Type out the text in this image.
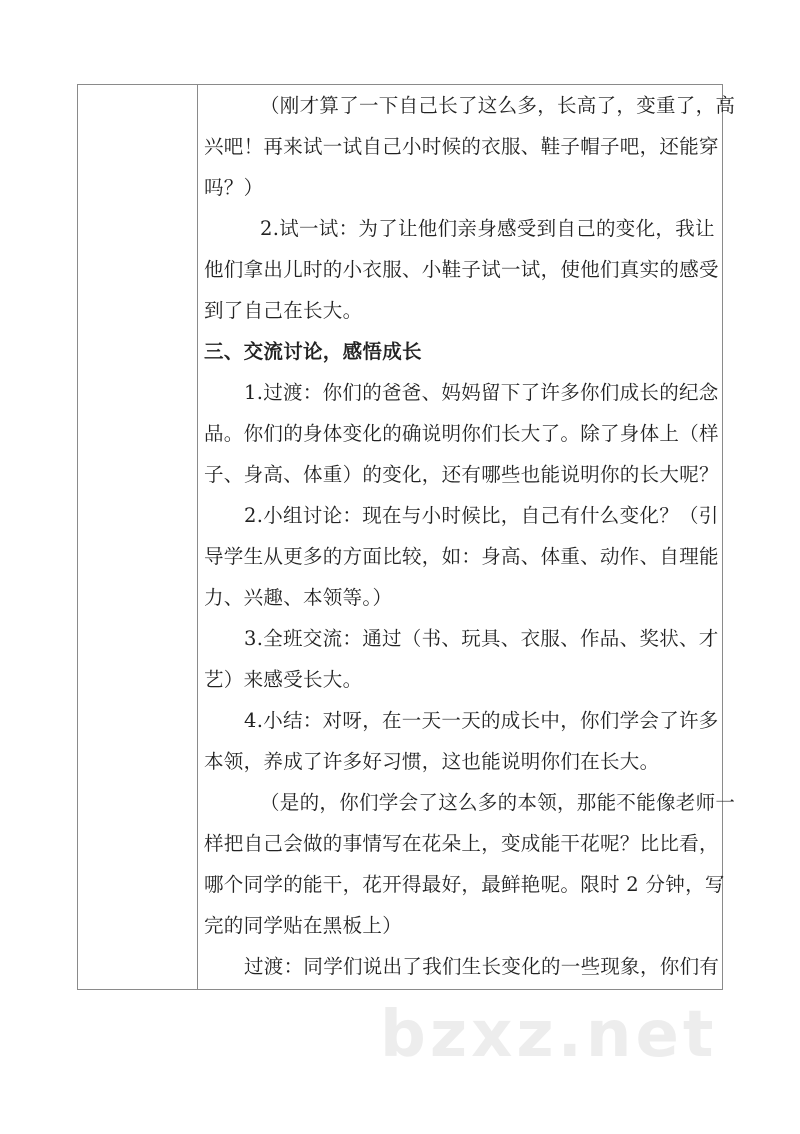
（刚才算了一下自己长了这么多，长高了，变重了，高
兴吧！再来试一试自己小时候的衣服、鞋子帽子吧，还能穿
吗？）
2.试一试：为了让他们亲身感受到自己的变化，我让
他们拿出儿时的小衣服、小鞋子试一试，使他们真实的感受
到了自己在长大。
三、交流讨论，感悟成长
1.过渡：你们的爸爸、妈妈留下了许多你们成长的纪念
品。你们的身体变化的确说明你们长大了。除了身体上（样
子、身高、体重）的变化，还有哪些也能说明你的长大呢？
2.小组讨论：现在与小时候比，自己有什么变化？（引
导学生从更多的方面比较，如：身高、体重、动作、自理能
力、兴趣、本领等。）
3.全班交流：通过（书、玩具、衣服、作品、奖状、才
艺）来感受长大。
4.小结：对呀，在一天一天的成长中，你们学会了许多
本领，养成了许多好习惯，这也能说明你们在长大。
（是的，你们学会了这么多的本领，那能不能像老师一
样把自己会做的事情写在花朵上，变成能干花呢？比比看，
哪个同学的能干，花开得最好，最鲜艳呢。限时 2 分钟，写
完的同学贴在黑板上）
过渡：同学们说出了我们生长变化的一些现象，你们有
bzxz.net
